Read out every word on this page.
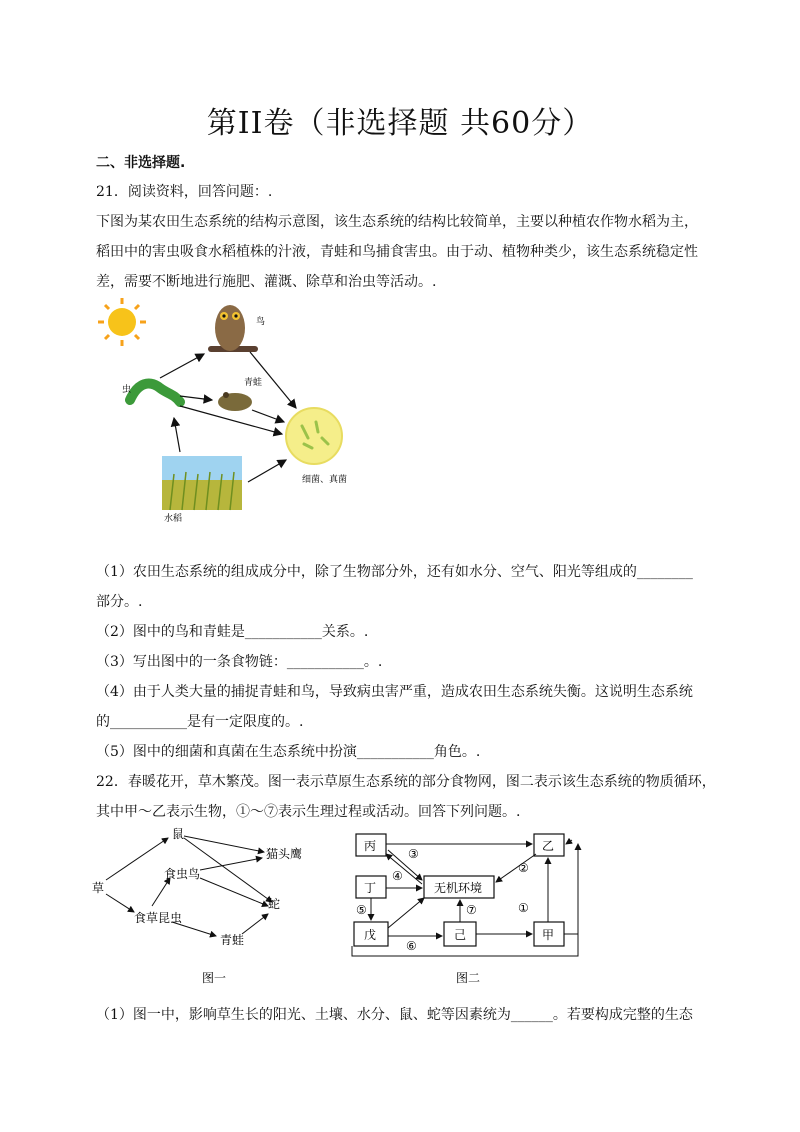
第II卷（非选择题 共60分）
二、非选择题.
21．阅读资料，回答问题：.
下图为某农田生态系统的结构示意图，该生态系统的结构比较简单，主要以种植农作物水稻为主，
稻田中的害虫吸食水稻植株的汁液，青蛙和鸟捕食害虫。由于动、植物种类少，该生态系统稳定性
差，需要不断地进行施肥、灌溉、除草和治虫等活动。.
鸟
虫
青蛙
细菌、真菌
水稻
（1）农田生态系统的组成成分中，除了生物部分外，还有如水分、空气、阳光等组成的________
部分。.
（2）图中的鸟和青蛙是___________关系。.
（3）写出图中的一条食物链：___________。.
（4）由于人类大量的捕捉青蛙和鸟，导致病虫害严重，造成农田生态系统失衡。这说明生态系统
的___________是有一定限度的。.
（5）图中的细菌和真菌在生态系统中扮演___________角色。.
22．春暖花开，草木繁茂。图一表示草原生态系统的部分食物网，图二表示该生态系统的物质循环，
其中甲～乙表示生物，①～⑦表示生理过程或活动。回答下列问题。.
草
鼠
食虫鸟
食草昆虫
猫头鹰
蛇
青蛙
图一
丙	乙
丁	无机环境
戊	己	甲
①
②
③
④
⑤
⑥
⑦
图二
（1）图一中，影响草生长的阳光、土壤、水分、鼠、蛇等因素统为______。若要构成完整的生态
